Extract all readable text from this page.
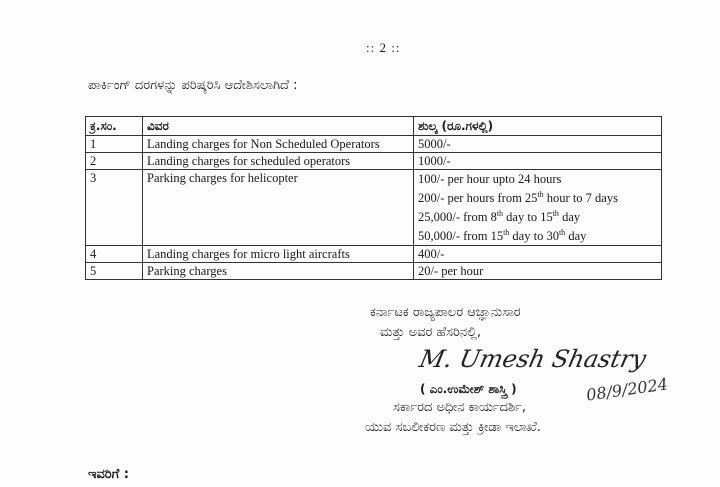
:: 2 ::
ಪಾರ್ಕಿಂಗ್ ದರಗಳನ್ನು ಪರಿಷ್ಕರಿಸಿ ಆದೇಶಿಸಲಾಗಿದೆ :
ಕ್ರ.ಸಂ.	ವಿವರ	ಶುಲ್ಕ (ರೂ.ಗಳಲ್ಲಿ)
1	Landing charges for Non Scheduled Operators	5000/-
2	Landing charges for scheduled operators	1000/-
3	Parking charges for helicopter	100/- per hour upto 24 hours
200/- per hours from 25th hour to 7 days
25,000/- from 8th day to 15th day
50,000/- from 15th day to 30th day

4	Landing charges for micro light aircrafts	400/-
5	Parking charges	20/- per hour
ಕರ್ನಾಟಕ ರಾಜ್ಯಪಾಲರ ಆಜ್ಞಾನುಸಾರ
ಮತ್ತು ಅವರ ಹೆಸರಿನಲ್ಲಿ,
M. Umesh Shastry
08/9/2024
( ಎಂ.ಉಮೇಶ್ ಶಾಸ್ತ್ರಿ )
ಸರ್ಕಾರದ ಅಧೀನ ಕಾರ್ಯದರ್ಶಿ,
ಯುವ ಸಬಲೀಕರಣ ಮತ್ತು ಕ್ರೀಡಾ ಇಲಾಖೆ.
ಇವರಿಗೆ :
